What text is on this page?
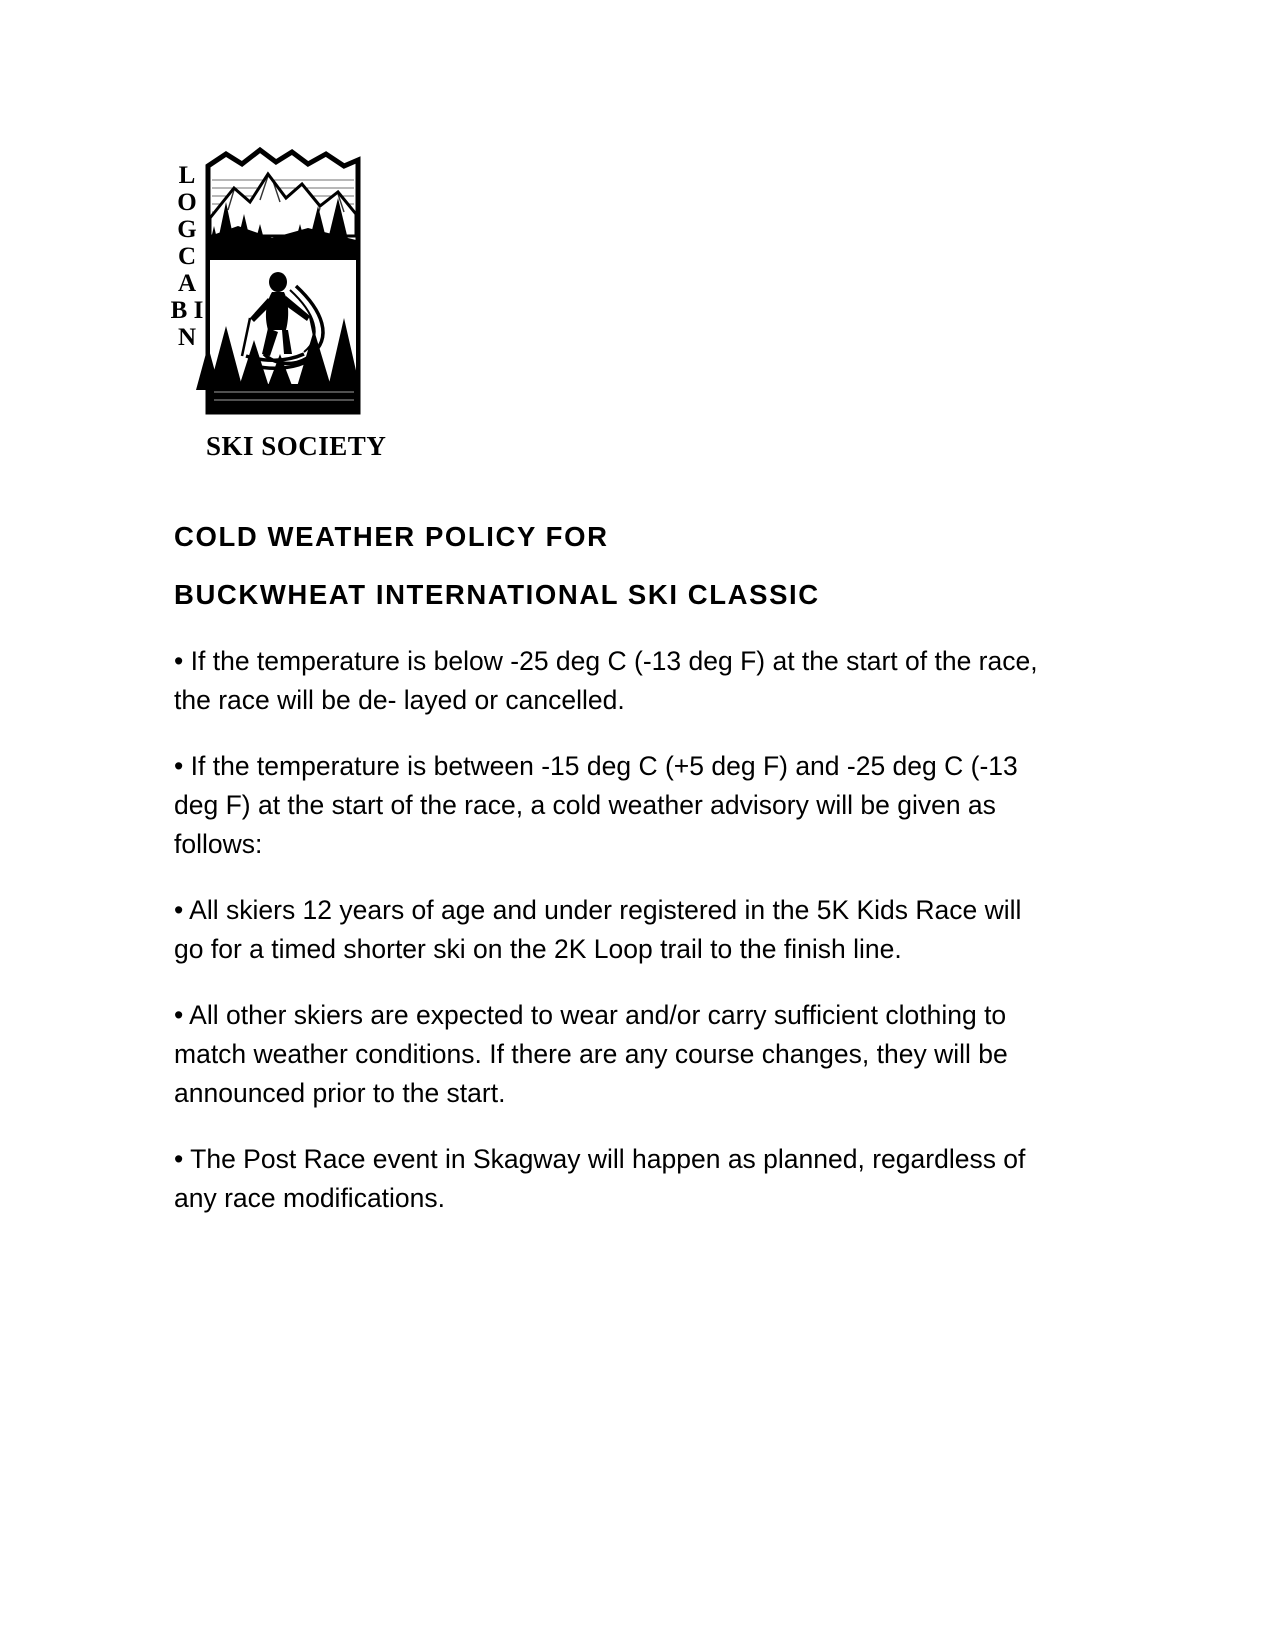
L O G C A B I N
SKI SOCIETY
COLD WEATHER POLICY FOR
BUCKWHEAT INTERNATIONAL SKI CLASSIC

• If the temperature is below -25 deg C (-13 deg F) at the start of the race, the race will be de- layed or cancelled.

• If the temperature is between -15 deg C (+5 deg F) and -25 deg C (-13 deg F) at the start of the race, a cold weather advisory will be given as follows:

• All skiers 12 years of age and under registered in the 5K Kids Race will go for a timed shorter ski on the 2K Loop trail to the finish line.

• All other skiers are expected to wear and/or carry sufficient clothing to match weather conditions. If there are any course changes, they will be announced prior to the start.

• The Post Race event in Skagway will happen as planned, regardless of any race modifications.
